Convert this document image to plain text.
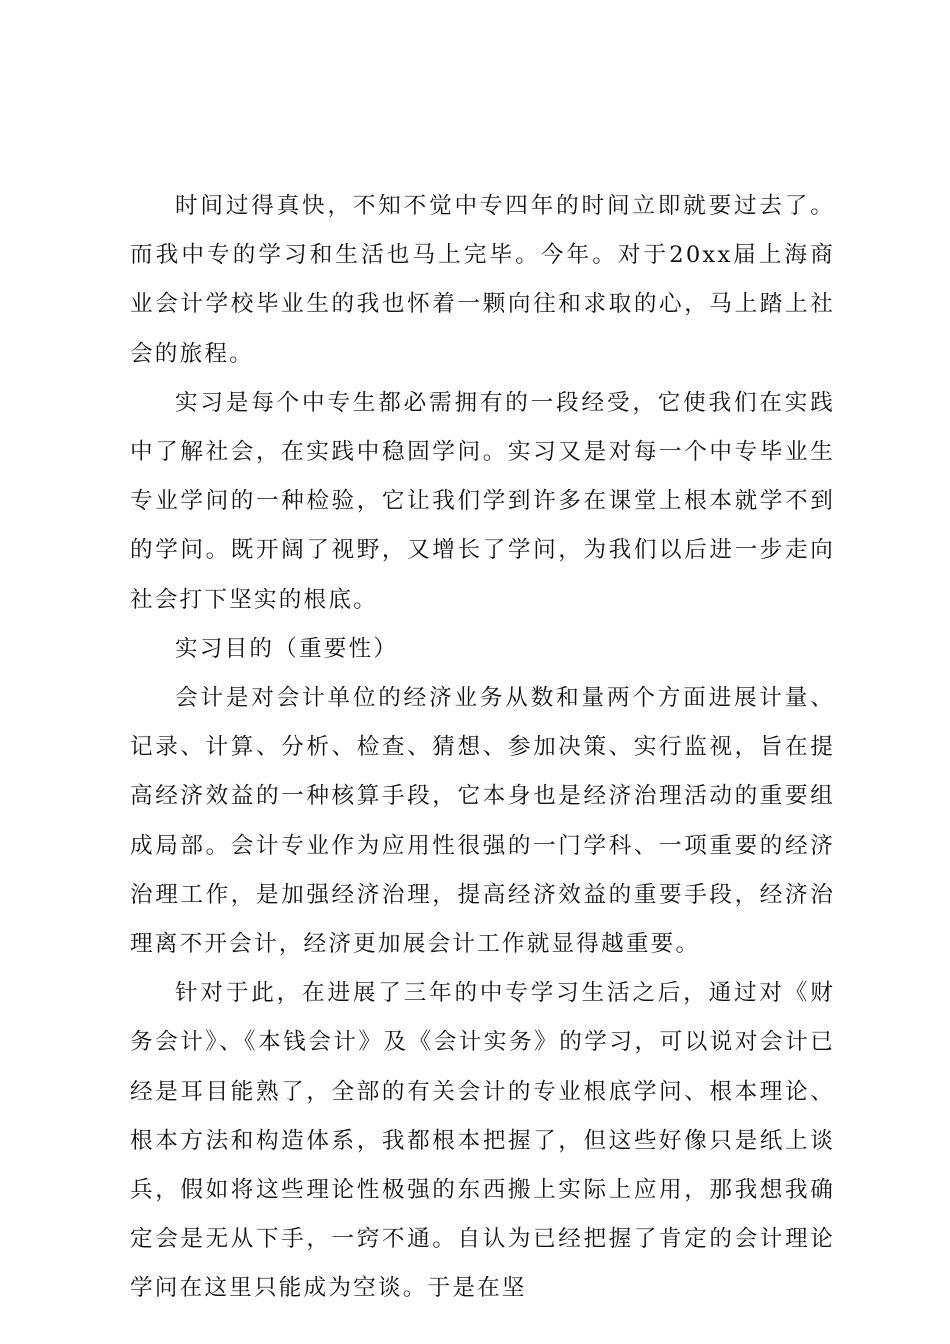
时间过得真快，不知不觉中专四年的时间立即就要过去了。而我中专的学习和生活也马上完毕。今年。对于20xx届上海商业会计学校毕业生的我也怀着一颗向往和求取的心，马上踏上社会的旅程。

实习是每个中专生都必需拥有的一段经受，它使我们在实践中了解社会，在实践中稳固学问。实习又是对每一个中专毕业生专业学问的一种检验，它让我们学到许多在课堂上根本就学不到的学问。既开阔了视野，又增长了学问，为我们以后进一步走向社会打下坚实的根底。

实习目的（重要性）

会计是对会计单位的经济业务从数和量两个方面进展计量、记录、计算、分析、检查、猜想、参加决策、实行监视，旨在提高经济效益的一种核算手段，它本身也是经济治理活动的重要组成局部。会计专业作为应用性很强的一门学科、一项重要的经济治理工作，是加强经济治理，提高经济效益的重要手段，经济治理离不开会计，经济更加展会计工作就显得越重要。

针对于此，在进展了三年的中专学习生活之后，通过对《财务会计》、《本钱会计》及《会计实务》的学习，可以说对会计已经是耳目能熟了，全部的有关会计的专业根底学问、根本理论、根本方法和构造体系，我都根本把握了，但这些好像只是纸上谈兵，假如将这些理论性极强的东西搬上实际上应用，那我想我确定会是无从下手，一窍不通。自认为已经把握了肯定的会计理论学问在这里只能成为空谈。于是在坚
